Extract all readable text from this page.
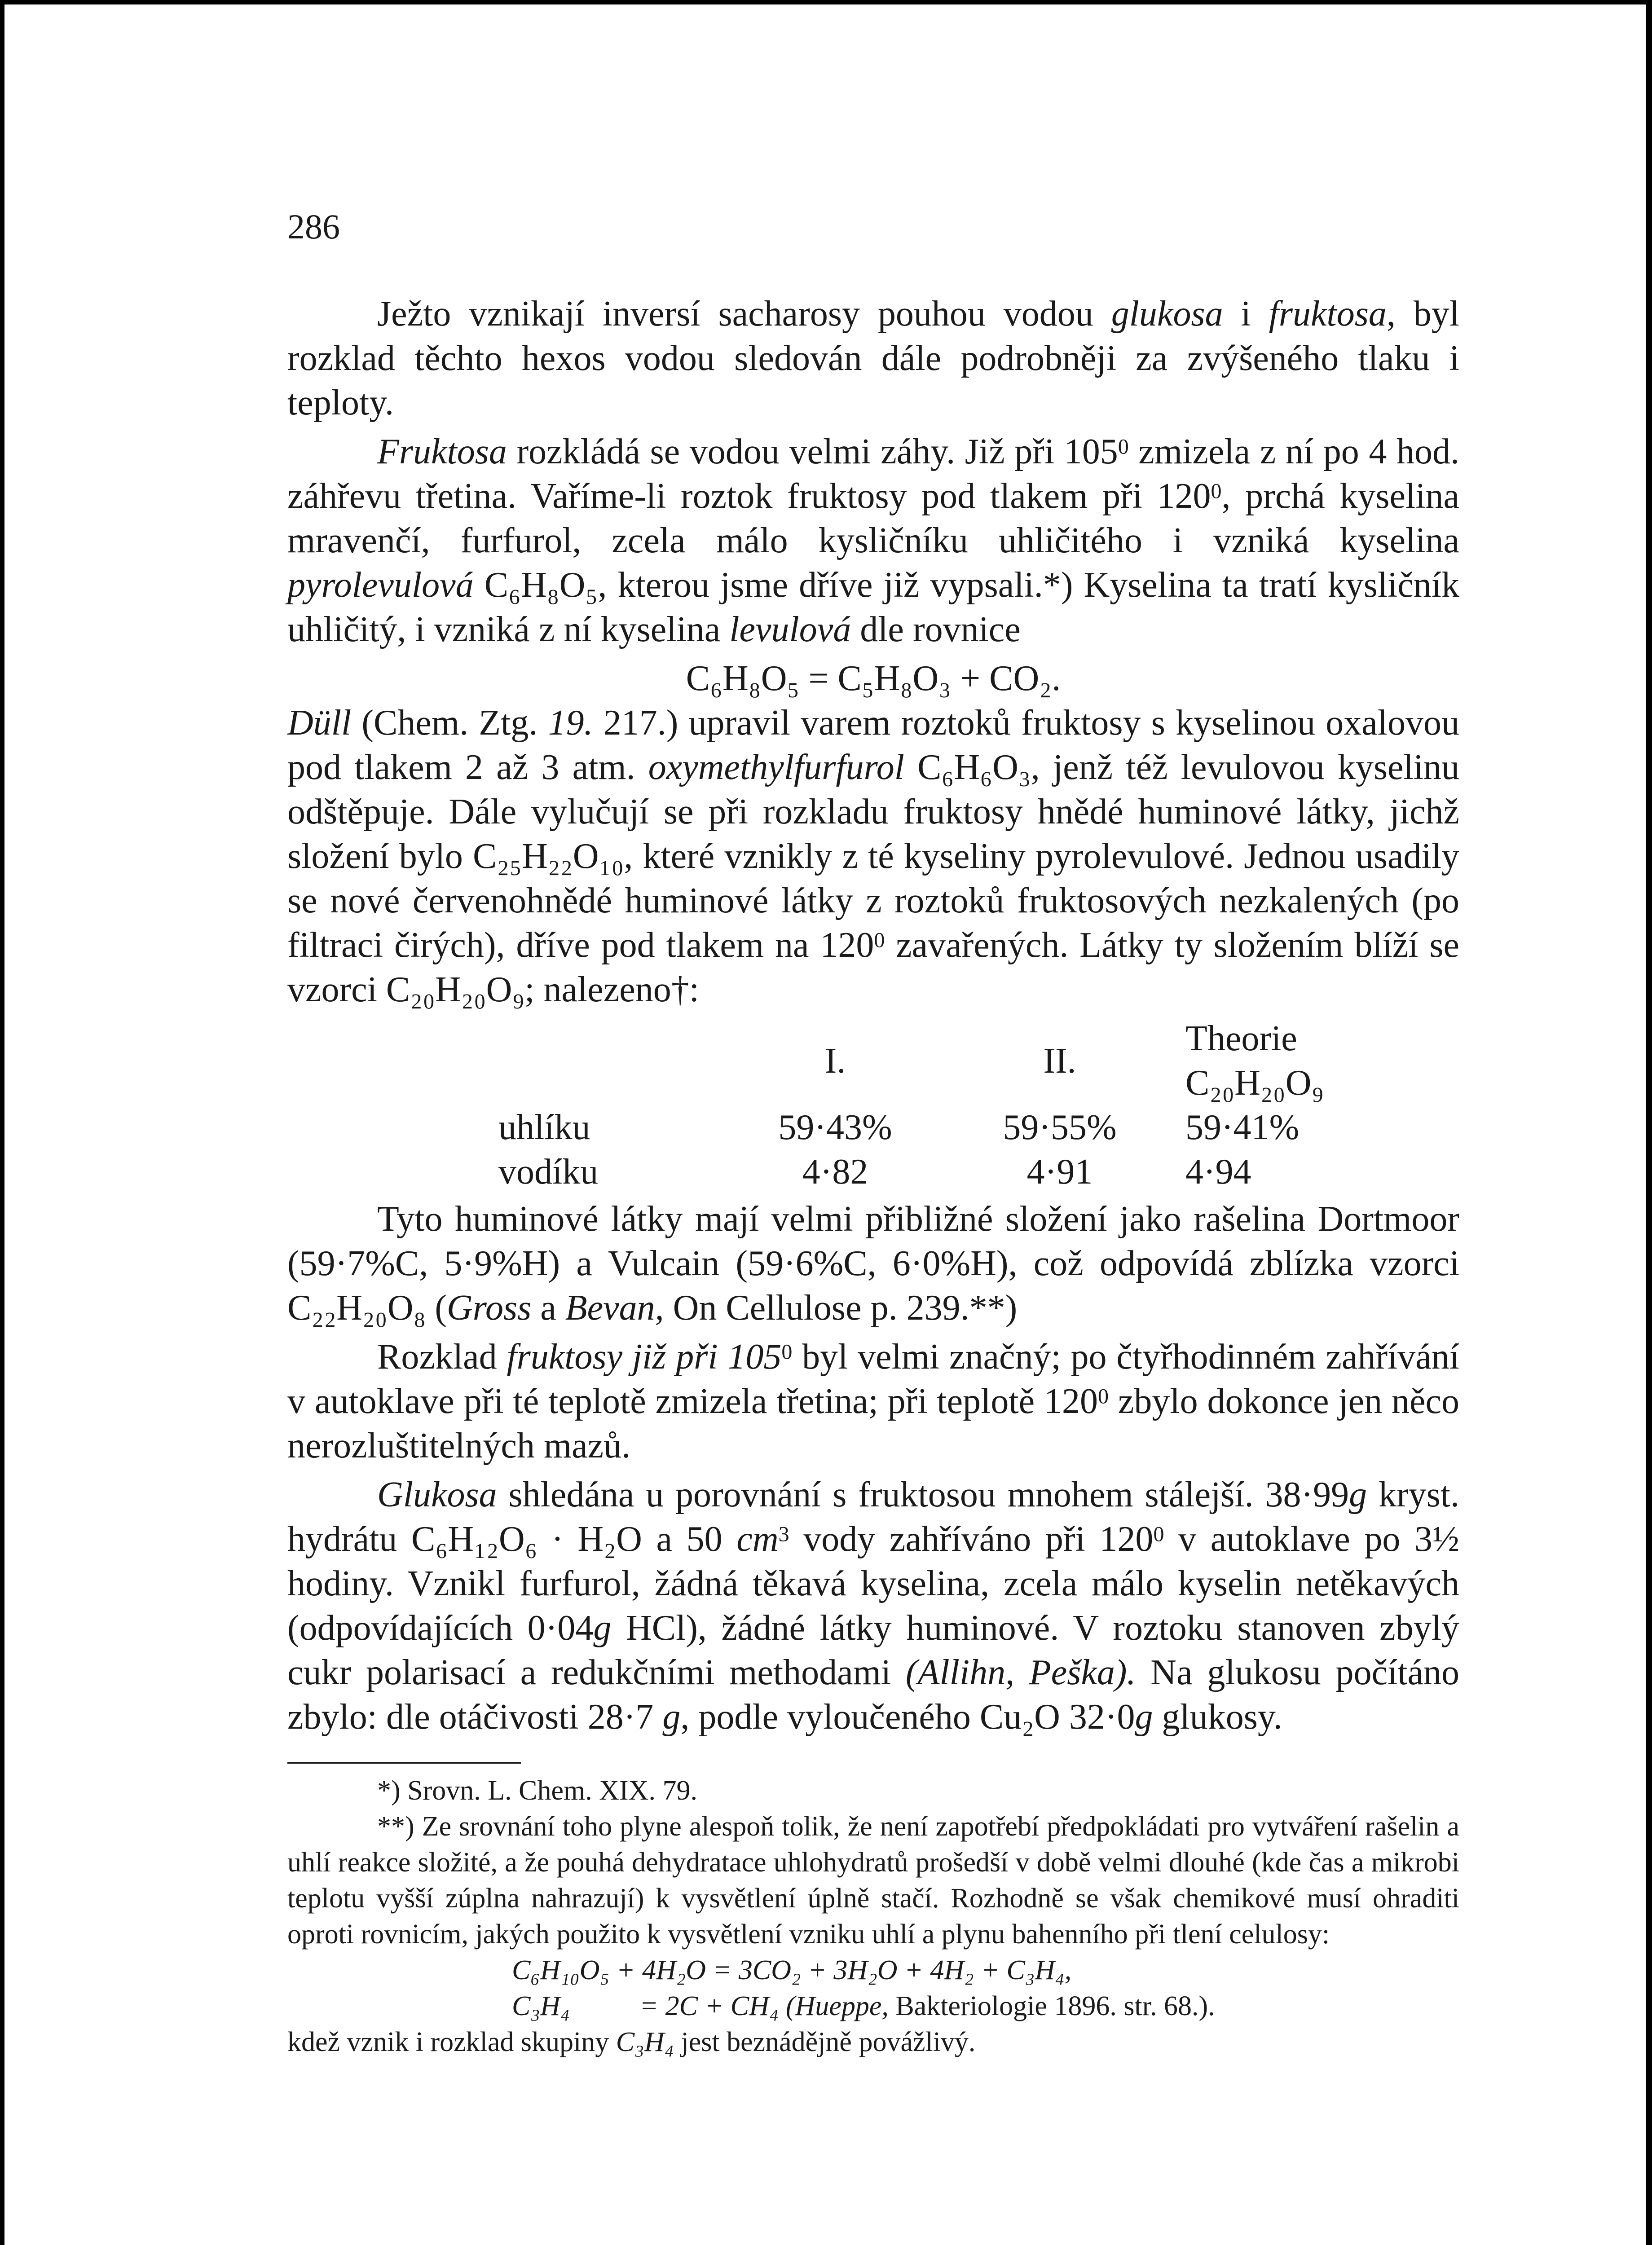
286

Ježto vznikají inversí sacharosy pouhou vodou glukosa i fruktosa, byl rozklad těchto hexos vodou sledován dále podrobněji za zvýšeného tlaku i teploty.

Fruktosa rozkládá se vodou velmi záhy. Již při $105^0$ zmizela z ní po 4 hod. záhřevu třetina. Vaříme-li roztok fruktosy pod tlakem při $120^0$, prchá kyselina mravenčí, furfurol, zcela málo kysličníku uhličitého i vzniká kyselina pyrolevulová C₆H₈O₅, kterou jsme dříve již vypsali.*) Kyselina ta tratí kysličník uhličitý, i vzniká z ní kyselina levulová dle rovnice

C₆H₈O₅ = C₅H₈O₃ + CO₂.

Düll (Chem. Ztg. 19. 217.) upravil varem roztoků fruktosy s kyselinou oxalovou pod tlakem 2 až 3 atm. oxymethylfurfurol C₆H₆O₃, jenž též levulovou kyselinu odštěpuje. Dále vylučují se při rozkladu fruktosy hnědé huminové látky, jichž složení bylo C₂₅H₂₂O₁₀, které vznikly z té kyseliny pyrolevulové. Jednou usadily se nové červenohnědé huminové látky z roztoků fruktosových nezkalených (po filtraci čirých), dříve pod tlakem na $120^0$ zavařených. Látky ty složením blíží se vzorci C₂₀H₂₀O₉; nalezeno†:

	I.	II.	Theorie C₂₀H₂₀O₉
uhlíku	59·43%	59·55%	59·41%
vodíku	4·82	4·91	4·94

Tyto huminové látky mají velmi přibližné složení jako rašelina Dortmoor (59·7%C, 5·9%H) a Vulcain (59·6%C, 6·0%H), což odpovídá zblízka vzorci C₂₂H₂₀O₈ (Gross a Bevan, On Cellulose p. 239.**)

Rozklad fruktosy již při $105^0$ byl velmi značný; po čtyřhodinném zahřívání v autoklave při té teplotě zmizela třetina; při teplotě $120^0$ zbylo dokonce jen něco nerozluštitelných mazů.

Glukosa shledána u porovnání s fruktosou mnohem stálejší. 38·99g kryst. hydrátu C₆H₁₂O₆ · H₂O a 50 $cm^3$ vody zahříváno při $120^0$ v autoklave po 3½ hodiny. Vznikl furfurol, žádná těkavá kyselina, zcela málo kyselin netěkavých (odpovídajících 0·04g HCl), žádné látky huminové. V roztoku stanoven zbylý cukr polarisací a redukčními methodami (Allihn, Peška). Na glukosu počítáno zbylo: dle otáčivosti 28·7 g, podle vyloučeného Cu₂O 32·0g glukosy.

*) Srovn. L. Chem. XIX. 79.

**) Ze srovnání toho plyne alespoň tolik, že není zapotřebí předpokládati pro vytváření rašelin a uhlí reakce složité, a že pouhá dehydratace uhlohydratů prošedší v době velmi dlouhé (kde čas a mikrobi teplotu vyšší zúplna nahrazují) k vysvětlení úplně stačí. Rozhodně se však chemikové musí ohraditi oproti rovnicím, jakých použito k vysvětlení vzniku uhlí a plynu bahenního při tlení celulosy:

C₆H₁₀O₅ + 4H₂O = 3CO₂ + 3H₂O + 4H₂ + C₃H₄,

C₃H₄          = 2C + CH₄ (Hueppe, Bakteriologie 1896. str. 68.).

kdež vznik i rozklad skupiny C₃H₄ jest beznádějně povážlivý.
